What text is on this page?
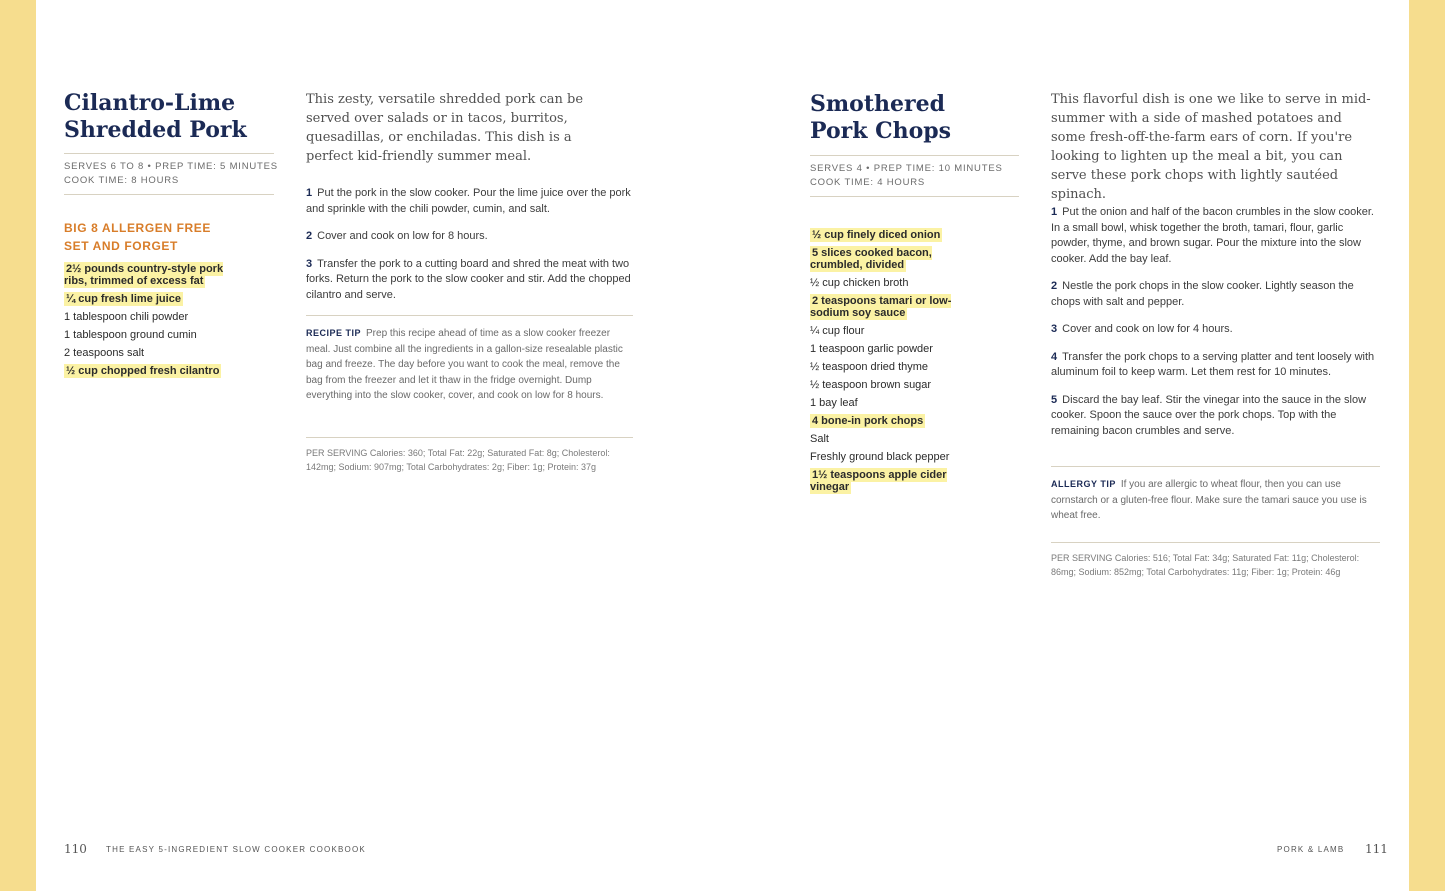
Cilantro-Lime
Shredded Pork
SERVES 6 TO 8 • PREP TIME: 5 MINUTES
COOK TIME: 8 HOURS
BIG 8 ALLERGEN FREE
SET AND FORGET
2½ pounds country-style pork ribs, trimmed of excess fat
¼ cup fresh lime juice
1 tablespoon chili powder
1 tablespoon ground cumin
2 teaspoons salt
½ cup chopped fresh cilantro

This zesty, versatile shredded pork can be served over salads or in tacos, burritos, quesadillas, or enchiladas. This dish is a perfect kid-friendly summer meal.

1 Put the pork in the slow cooker. Pour the lime juice over the pork and sprinkle with the chili powder, cumin, and salt.
2 Cover and cook on low for 8 hours.
3 Transfer the pork to a cutting board and shred the meat with two forks. Return the pork to the slow cooker and stir. Add the chopped cilantro and serve.
RECIPE TIP Prep this recipe ahead of time as a slow cooker freezer meal. Just combine all the ingredients in a gallon-size resealable plastic bag and freeze. The day before you want to cook the meal, remove the bag from the freezer and let it thaw in the fridge overnight. Dump everything into the slow cooker, cover, and cook on low for 8 hours.
PER SERVING Calories: 360; Total Fat: 22g; Saturated Fat: 8g; Cholesterol: 142mg; Sodium: 907mg; Total Carbohydrates: 2g; Fiber: 1g; Protein: 37g
110 THE EASY 5-INGREDIENT SLOW COOKER COOKBOOK
Smothered
Pork Chops
SERVES 4 • PREP TIME: 10 MINUTES
COOK TIME: 4 HOURS
½ cup finely diced onion
5 slices cooked bacon, crumbled, divided
½ cup chicken broth
2 teaspoons tamari or low-sodium soy sauce
¼ cup flour
1 teaspoon garlic powder
½ teaspoon dried thyme
½ teaspoon brown sugar
1 bay leaf
4 bone-in pork chops
Salt
Freshly ground black pepper
1½ teaspoons apple cider vinegar

This flavorful dish is one we like to serve in mid-summer with a side of mashed potatoes and some fresh-off-the-farm ears of corn. If you're looking to lighten up the meal a bit, you can serve these pork chops with lightly sautéed spinach.

1 Put the onion and half of the bacon crumbles in the slow cooker. In a small bowl, whisk together the broth, tamari, flour, garlic powder, thyme, and brown sugar. Pour the mixture into the slow cooker. Add the bay leaf.
2 Nestle the pork chops in the slow cooker. Lightly season the chops with salt and pepper.
3 Cover and cook on low for 4 hours.
4 Transfer the pork chops to a serving platter and tent loosely with aluminum foil to keep warm. Let them rest for 10 minutes.
5 Discard the bay leaf. Stir the vinegar into the sauce in the slow cooker. Spoon the sauce over the pork chops. Top with the remaining bacon crumbles and serve.
ALLERGY TIP If you are allergic to wheat flour, then you can use cornstarch or a gluten-free flour. Make sure the tamari sauce you use is wheat free.
PER SERVING Calories: 516; Total Fat: 34g; Saturated Fat: 11g; Cholesterol: 86mg; Sodium: 852mg; Total Carbohydrates: 11g; Fiber: 1g; Protein: 46g
PORK & LAMB 111
